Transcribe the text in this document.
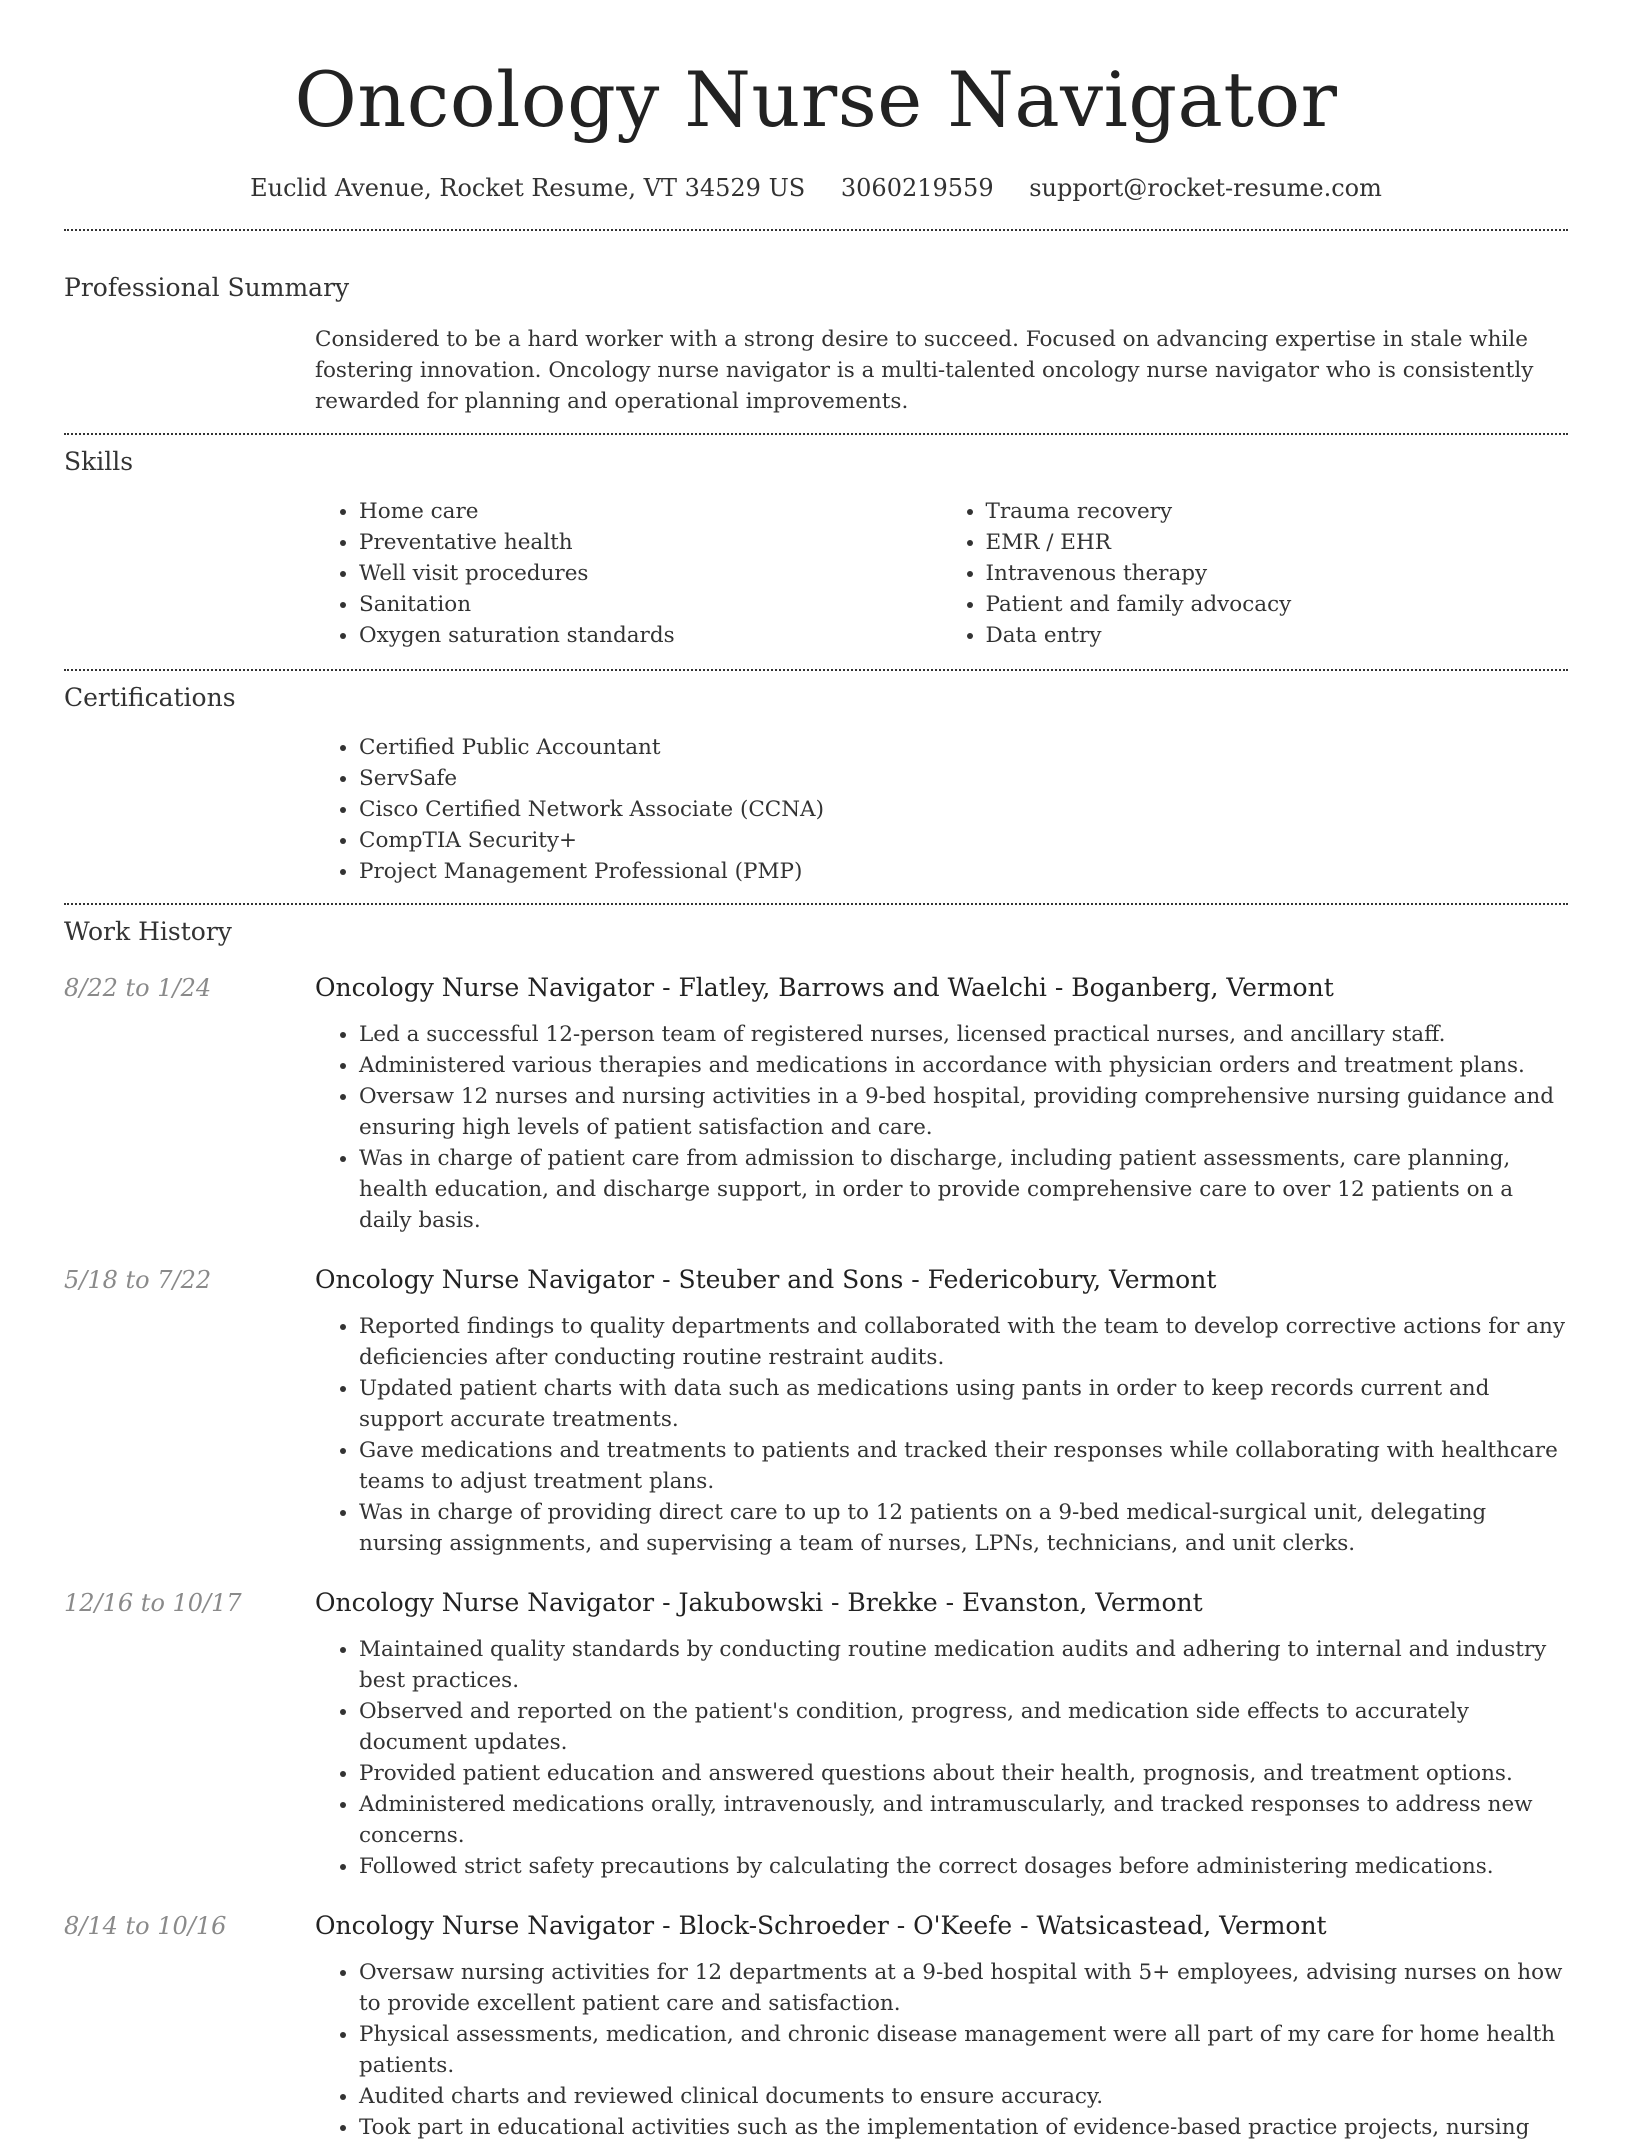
Oncology Nurse Navigator
Euclid Avenue, Rocket Resume, VT 34529 US 3060219559 support@rocket-resume.com
Professional Summary

Considered to be a hard worker with a strong desire to succeed. Focused on advancing expertise in stale while fostering innovation. Oncology nurse navigator is a multi-talented oncology nurse navigator who is consistently rewarded for planning and operational improvements.

Skills
• Home care
• Preventative health
• Well visit procedures
• Sanitation
• Oxygen saturation standards
• Trauma recovery
• EMR / EHR
• Intravenous therapy
• Patient and family advocacy
• Data entry
Certifications
• Certified Public Accountant
• ServSafe
• Cisco Certified Network Associate (CCNA)
• CompTIA Security+
• Project Management Professional (PMP)
Work History
8/22 to 1/24	Oncology Nurse Navigator - Flatley, Barrows and Waelchi - Boganberg, Vermont
• Led a successful 12-person team of registered nurses, licensed practical nurses, and ancillary staff.
• Administered various therapies and medications in accordance with physician orders and treatment plans.
• Oversaw 12 nurses and nursing activities in a 9-bed hospital, providing comprehensive nursing guidance and ensuring high levels of patient satisfaction and care.
• Was in charge of patient care from admission to discharge, including patient assessments, care planning, health education, and discharge support, in order to provide comprehensive care to over 12 patients on a daily basis.
5/18 to 7/22	Oncology Nurse Navigator - Steuber and Sons - Federicobury, Vermont
• Reported findings to quality departments and collaborated with the team to develop corrective actions for any deficiencies after conducting routine restraint audits.
• Updated patient charts with data such as medications using pants in order to keep records current and support accurate treatments.
• Gave medications and treatments to patients and tracked their responses while collaborating with healthcare teams to adjust treatment plans.
• Was in charge of providing direct care to up to 12 patients on a 9-bed medical-surgical unit, delegating nursing assignments, and supervising a team of nurses, LPNs, technicians, and unit clerks.
12/16 to 10/17	Oncology Nurse Navigator - Jakubowski - Brekke - Evanston, Vermont
• Maintained quality standards by conducting routine medication audits and adhering to internal and industry best practices.
• Observed and reported on the patient's condition, progress, and medication side effects to accurately document updates.
• Provided patient education and answered questions about their health, prognosis, and treatment options.
• Administered medications orally, intravenously, and intramuscularly, and tracked responses to address new concerns.
• Followed strict safety precautions by calculating the correct dosages before administering medications.
8/14 to 10/16	Oncology Nurse Navigator - Block-Schroeder - O'Keefe - Watsicastead, Vermont
• Oversaw nursing activities for 12 departments at a 9-bed hospital with 5+ employees, advising nurses on how to provide excellent patient care and satisfaction.
• Physical assessments, medication, and chronic disease management were all part of my care for home health patients.
• Audited charts and reviewed clinical documents to ensure accuracy.
• Took part in educational activities such as the implementation of evidence-based practice projects, nursing
